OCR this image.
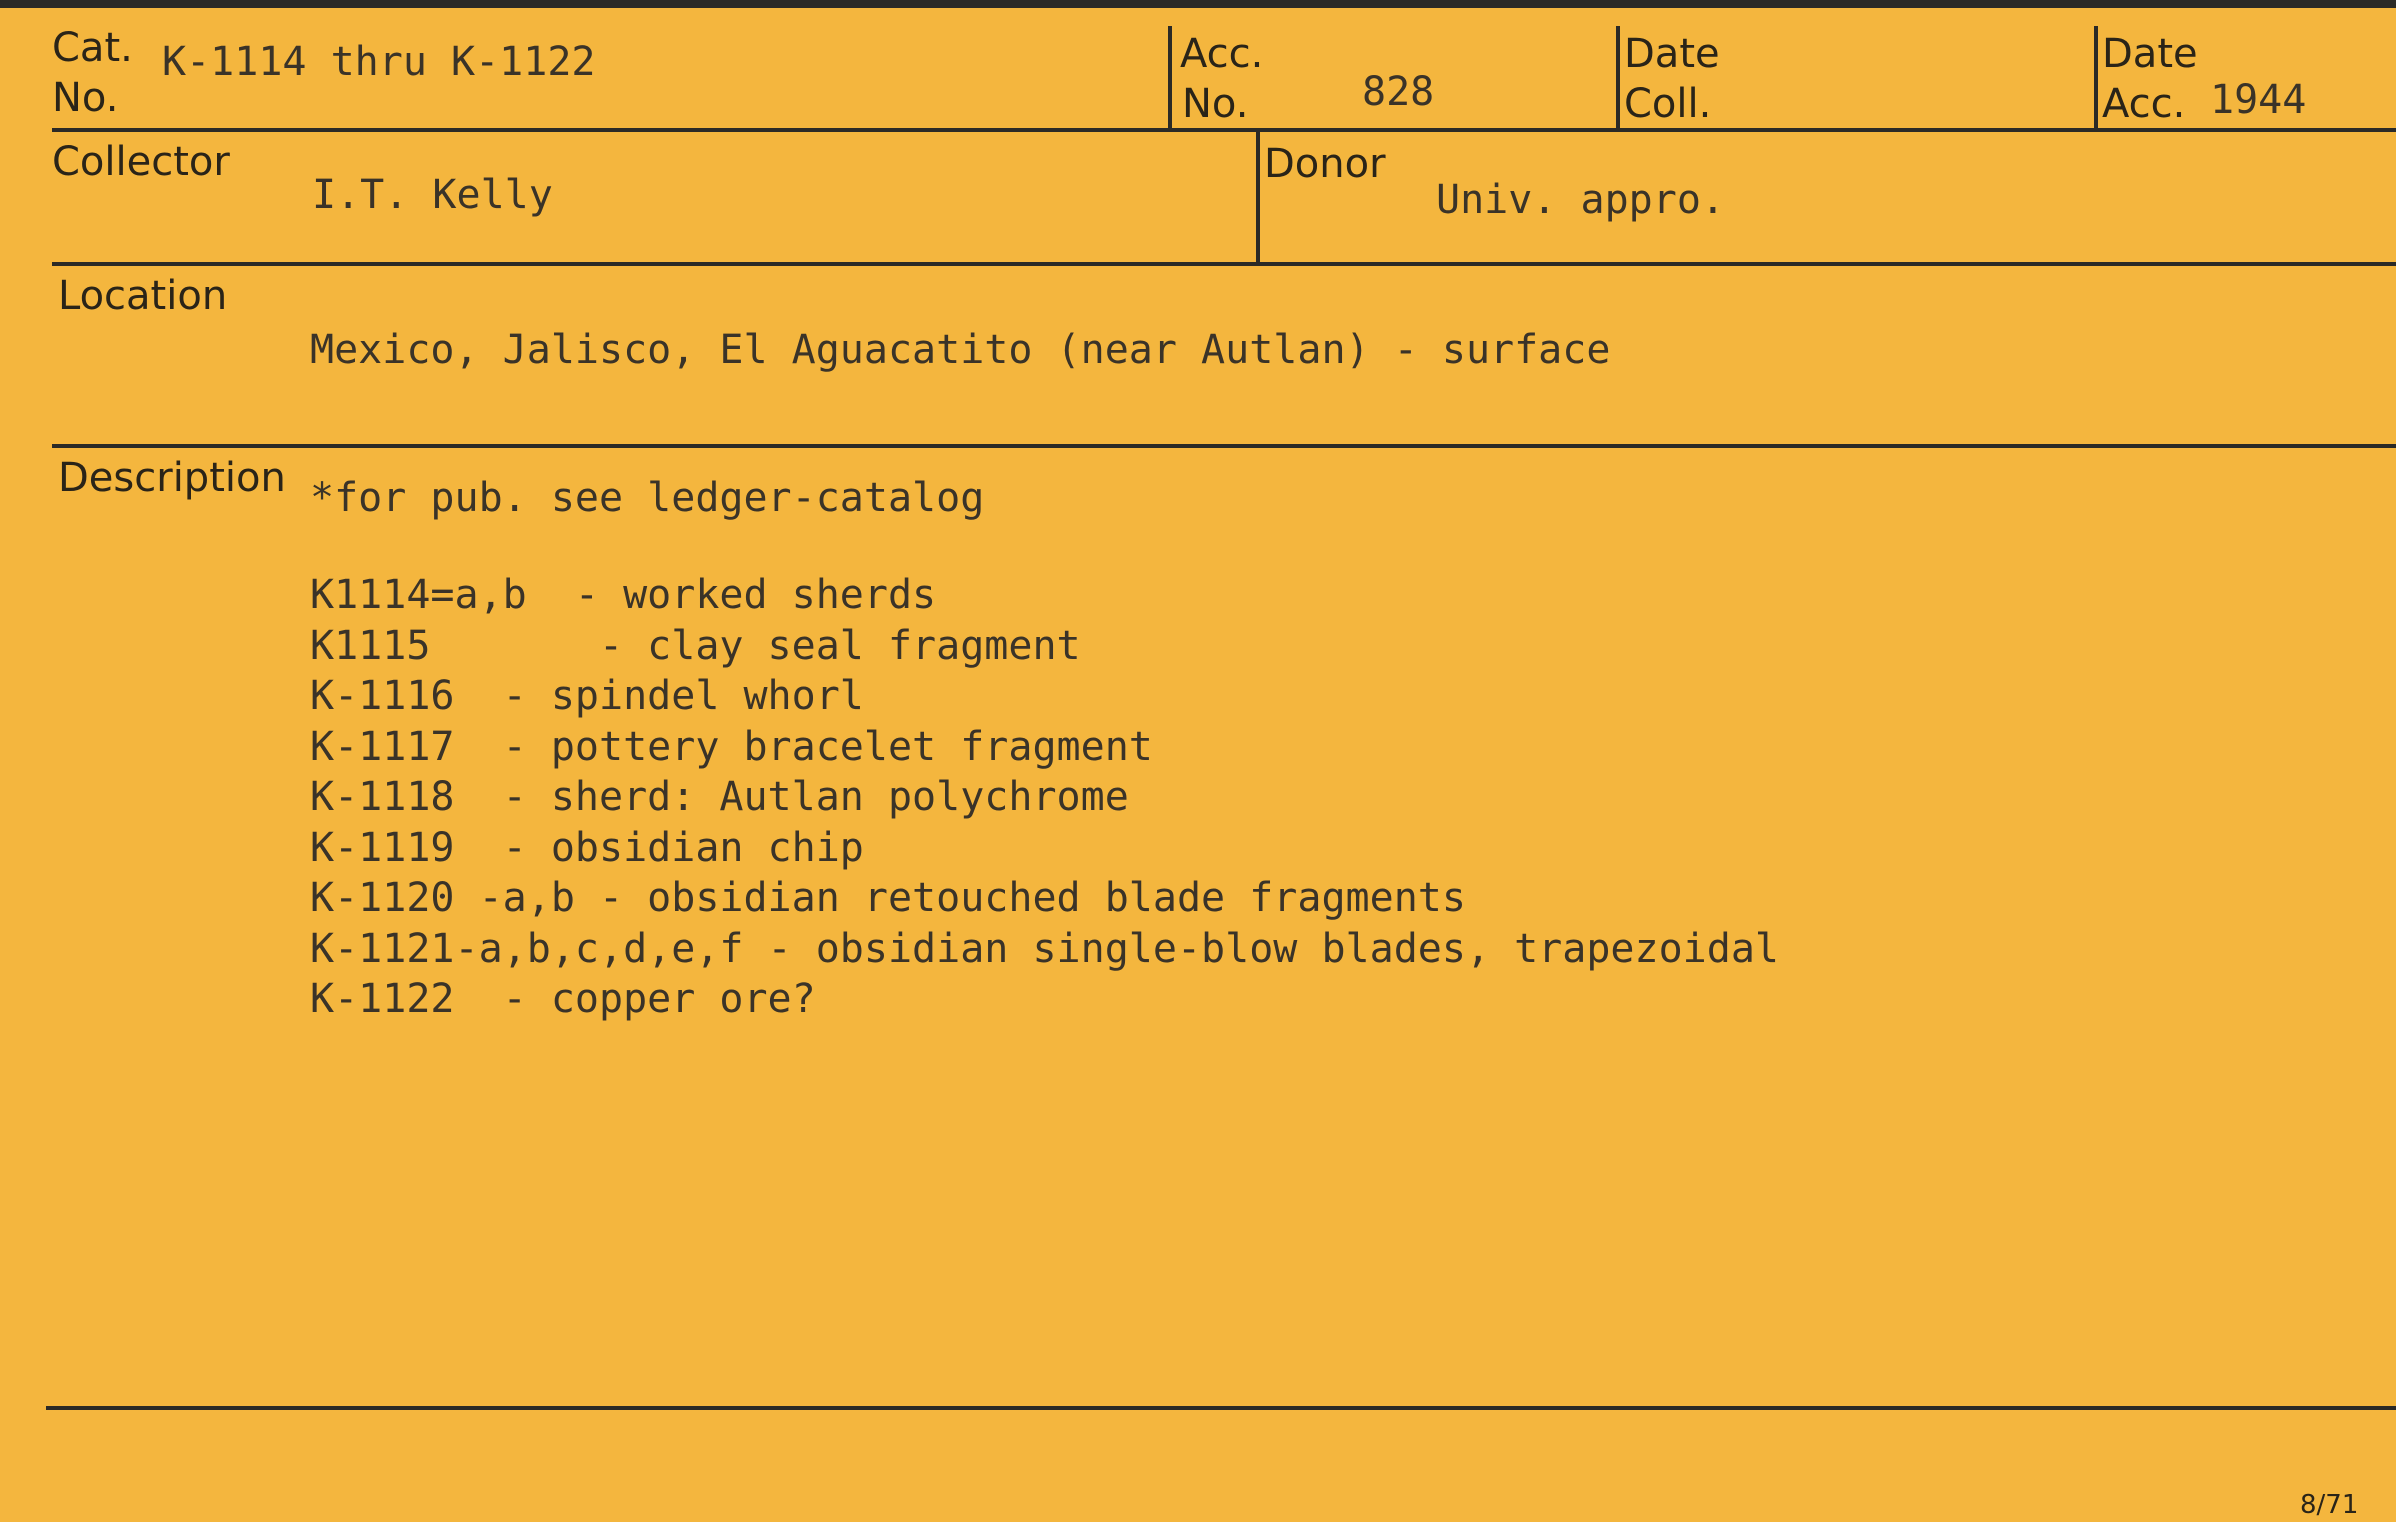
Cat.
No.
K-1114 thru K-1122	Acc.
No.	828
Date
Coll.
Date
Acc. 1944
Collector
I.T. Kelly
Donor
Univ. appro.
Location
Mexico, Jalisco, El Aguacatito (near Autlan) - surface
Description *for pub. see ledger-catalog
K1114=a,b  - worked sherds
K1115       - clay seal fragment
K-1116  - spindel whorl
K-1117  - pottery bracelet fragment
K-1118  - sherd: Autlan polychrome
K-1119  - obsidian chip
K-1120 -a,b - obsidian retouched blade fragments
K-1121-a,b,c,d,e,f - obsidian single-blow blades, trapezoidal
K-1122  - copper ore?
8/71
